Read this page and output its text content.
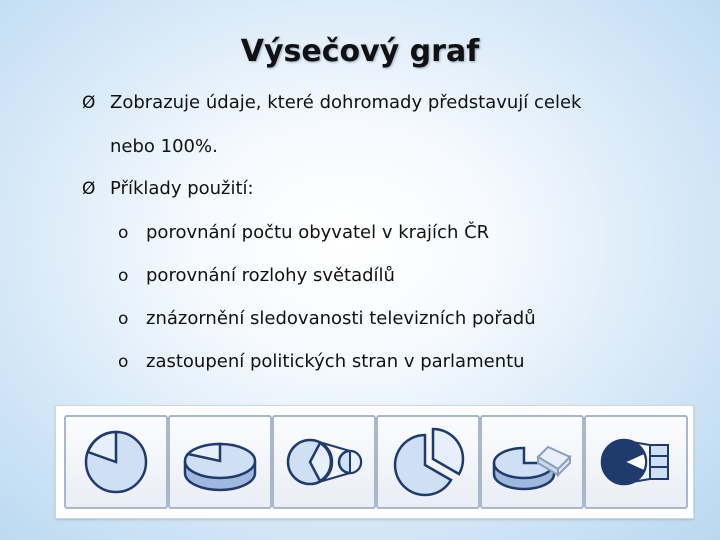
Výsečový graf
Ø Zobrazuje údaje, které dohromady představují celek
nebo 100%.
Ø Příklady použití:
o porovnání počtu obyvatel v krajích ČR
o porovnání rozlohy světadílů
o znázornění sledovanosti televizních pořadů
o zastoupení politických stran v parlamentu
